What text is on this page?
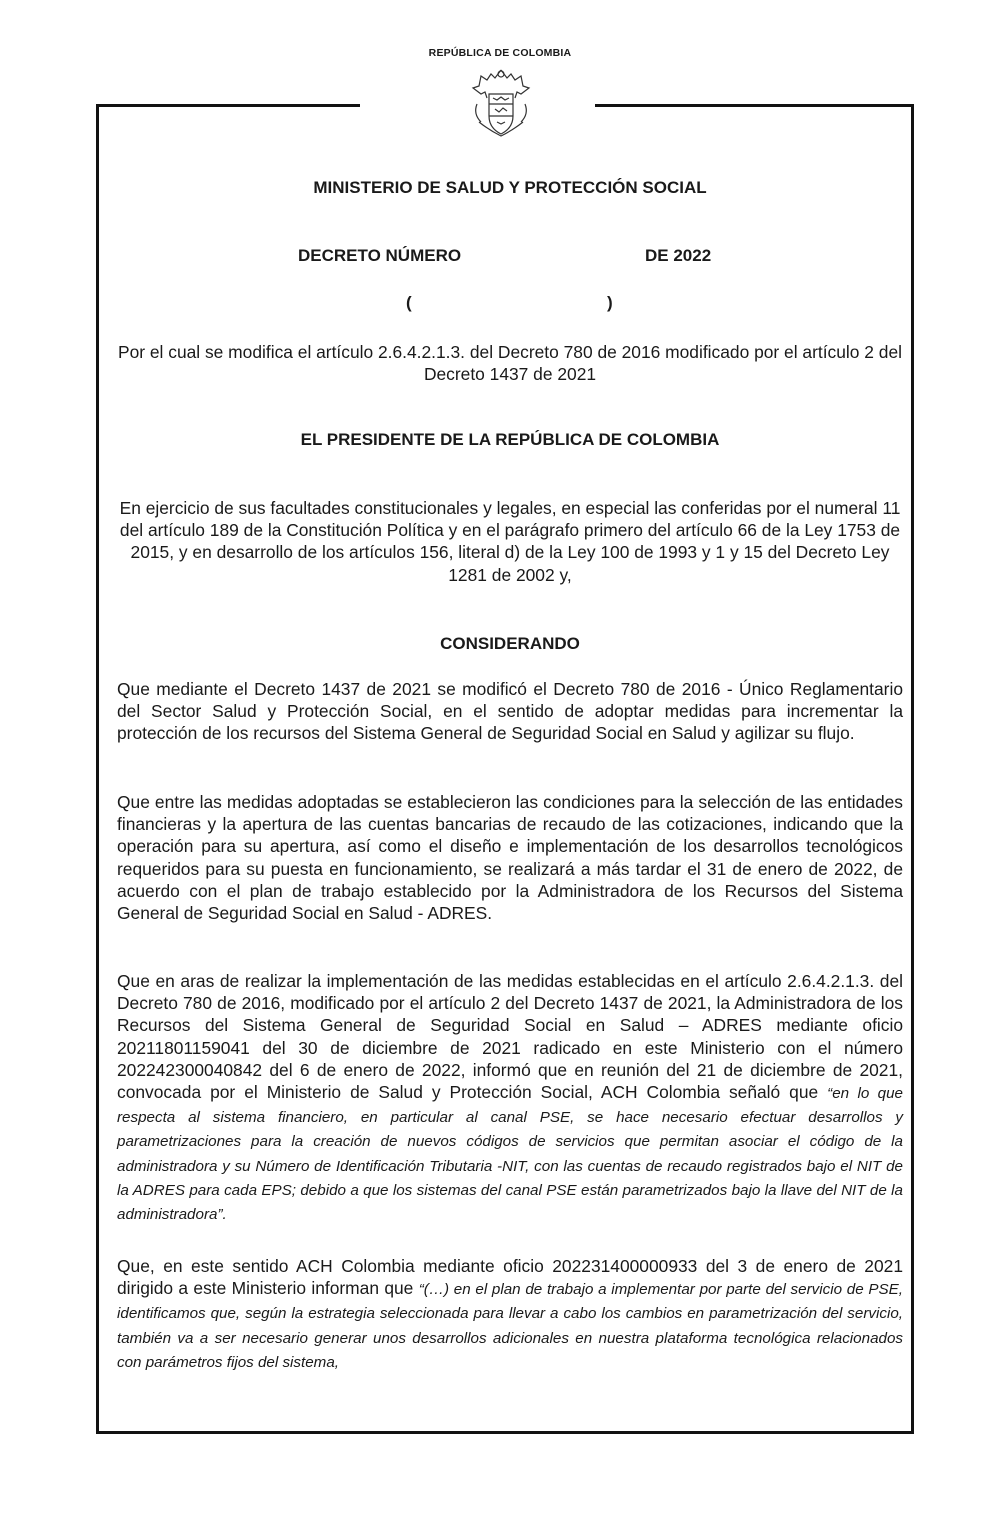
REPÚBLICA DE COLOMBIA
MINISTERIO DE SALUD Y PROTECCIÓN SOCIAL
DECRETO NÚMERO	DE 2022
(	)
Por el cual se modifica el artículo 2.6.4.2.1.3. del Decreto 780 de 2016 modificado por el artículo 2 del Decreto 1437 de 2021
EL PRESIDENTE DE LA REPÚBLICA DE COLOMBIA
En ejercicio de sus facultades constitucionales y legales, en especial las conferidas por el numeral 11 del artículo 189 de la Constitución Política y en el parágrafo primero del artículo 66 de la Ley 1753 de 2015, y en desarrollo de los artículos 156, literal d) de la Ley 100 de 1993 y 1 y 15 del Decreto Ley 1281 de 2002 y,
CONSIDERANDO
Que mediante el Decreto 1437 de 2021 se modificó el Decreto 780 de 2016 - Único Reglamentario del Sector Salud y Protección Social, en el sentido de adoptar medidas para incrementar la protección de los recursos del Sistema General de Seguridad Social en Salud y agilizar su flujo.
Que entre las medidas adoptadas se establecieron las condiciones para la selección de las entidades financieras y la apertura de las cuentas bancarias de recaudo de las cotizaciones, indicando que la operación para su apertura, así como el diseño e implementación de los desarrollos tecnológicos requeridos para su puesta en funcionamiento, se realizará a más tardar el 31 de enero de 2022, de acuerdo con el plan de trabajo establecido por la Administradora de los Recursos del Sistema General de Seguridad Social en Salud - ADRES.
Que en aras de realizar la implementación de las medidas establecidas en el artículo 2.6.4.2.1.3. del Decreto 780 de 2016, modificado por el artículo 2 del Decreto 1437 de 2021, la Administradora de los Recursos del Sistema General de Seguridad Social en Salud – ADRES mediante oficio 20211801159041 del 30 de diciembre de 2021 radicado en este Ministerio con el número 202242300040842 del 6 de enero de 2022, informó que en reunión del 21 de diciembre de 2021, convocada por el Ministerio de Salud y Protección Social, ACH Colombia señaló que “en lo que respecta al sistema financiero, en particular al canal PSE, se hace necesario efectuar desarrollos y parametrizaciones para la creación de nuevos códigos de servicios que permitan asociar el código de la administradora y su Número de Identificación Tributaria -NIT, con las cuentas de recaudo registrados bajo el NIT de la ADRES para cada EPS; debido a que los sistemas del canal PSE están parametrizados bajo la llave del NIT de la administradora”.
Que, en este sentido ACH Colombia mediante oficio 202231400000933 del 3 de enero de 2021 dirigido a este Ministerio informan que “(…) en el plan de trabajo a implementar por parte del servicio de PSE, identificamos que, según la estrategia seleccionada para llevar a cabo los cambios en parametrización del servicio, también va a ser necesario generar unos desarrollos adicionales en nuestra plataforma tecnológica relacionados con parámetros fijos del sistema,
